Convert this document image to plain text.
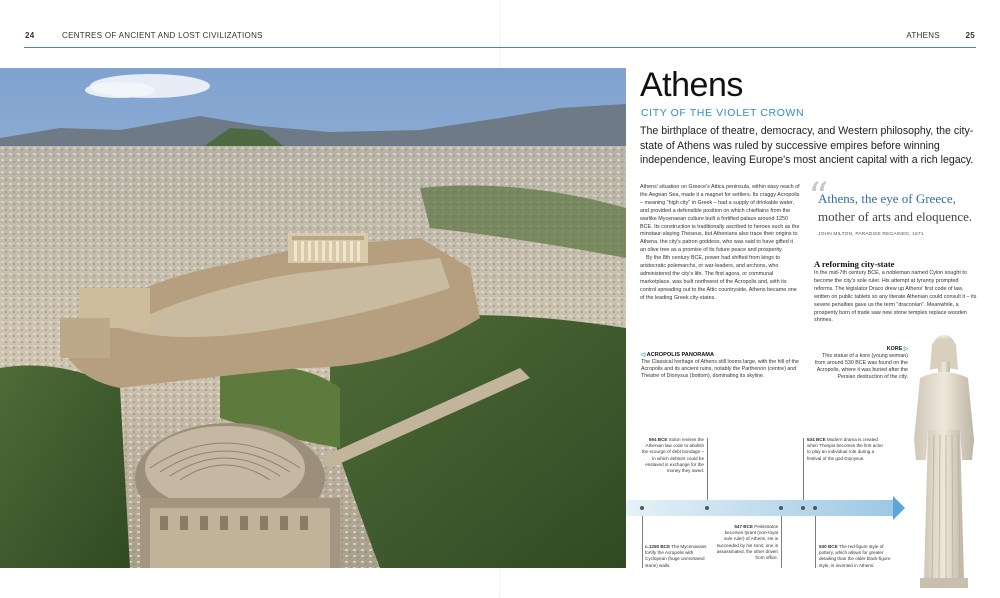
24	CENTRES OF ANCIENT AND LOST CIVILIZATIONS	ATHENS	25
Athens
CITY OF THE VIOLET CROWN

The birthplace of theatre, democracy, and Western philosophy, the city-state of Athens was ruled by successive empires before winning independence, leaving Europe's most ancient capital with a rich legacy.

Athens' situation on Greece's Attica peninsula, within easy reach of the Aegean Sea, made it a magnet for settlers. Its craggy Acropolis – meaning "high city" in Greek – had a supply of drinkable water, and provided a defensible position on which chieftains from the warlike Mycenaean culture built a fortified palace around 1250 BCE. Its construction is traditionally ascribed to heroes such as the minotaur-slaying Theseus, but Athenians also trace their origins to Athena, the city's patron goddess, who was said to have gifted it an olive tree as a promise of its future peace and prosperity.

By the 8th century BCE, power had shifted from kings to aristocratic polemarchs, or war-leaders, and archons, who administered the city's life. The first agora, or communal marketplace, was built northwest of the Acropolis and, with its control spreading out to the Attic countryside, Athens became one of the leading Greek city-states.

“
Athens, the eye of Greece, mother of arts and eloquence.
JOHN MILTON, PARADISE REGAINED, 1671
A reforming city-state

In the mid-7th century BCE, a nobleman named Cylon sought to become the city's sole ruler. His attempt at tyranny prompted reforms. The legislator Draco drew up Athens' first code of law, written on public tablets so any literate Athenian could consult it – its severe penalties gave us the term "draconian". Meanwhile, a prosperity born of trade saw new stone temples replace wooden shrines.

◁ ACROPOLIS PANORAMA

The Classical heritage of Athens still looms large, with the hill of the Acropolis and its ancient ruins, notably the Parthenon (centre) and Theatre of Dionysus (bottom), dominating its skyline.

KORE ▷

This statue of a kore (young woman) from around 530 BCE was found on the Acropolis, where it was buried after the Persian destruction of the city.

594 BCE Solon revises the Athenian law code to abolish the scourge of debt bondage – in which debtors could be enslaved in exchange for the money they owed.
534 BCE Modern drama is created when Thespis becomes the first actor to play an individual role during a festival of the god Dionysus.
c.1250 BCE The Mycenaeans fortify the Acropolis with Cyclopean (huge unmortared stone) walls.
547 BCE Peisistratos becomes tyrant (non-royal sole ruler) of Athens. He is succeeded by his sons; one is assassinated, the other driven from office.
530 BCE The red-figure style of pottery, which allows for greater detailing than the older black-figure style, is invented in Athens.
